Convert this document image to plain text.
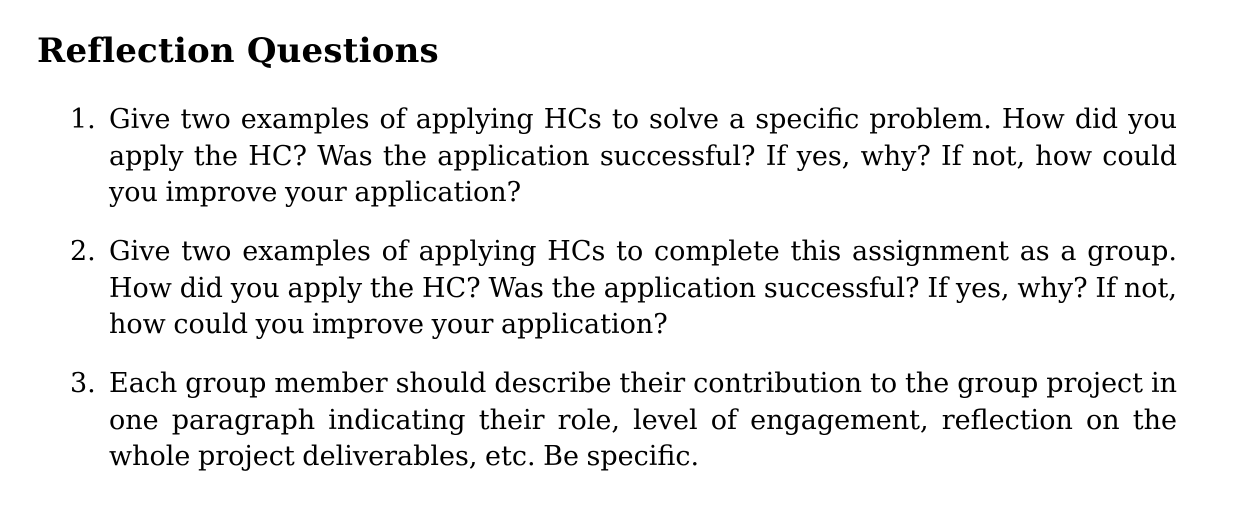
Reflection Questions
1. Give two examples of applying HCs to solve a specific problem. How did you apply the HC? Was the application successful? If yes, why? If not, how could you improve your application?
2. Give two examples of applying HCs to complete this assignment as a group. How did you apply the HC? Was the application successful? If yes, why? If not, how could you improve your application?
3. Each group member should describe their contribution to the group project in one paragraph indicating their role, level of engagement, reflection on the whole project deliverables, etc. Be specific.
